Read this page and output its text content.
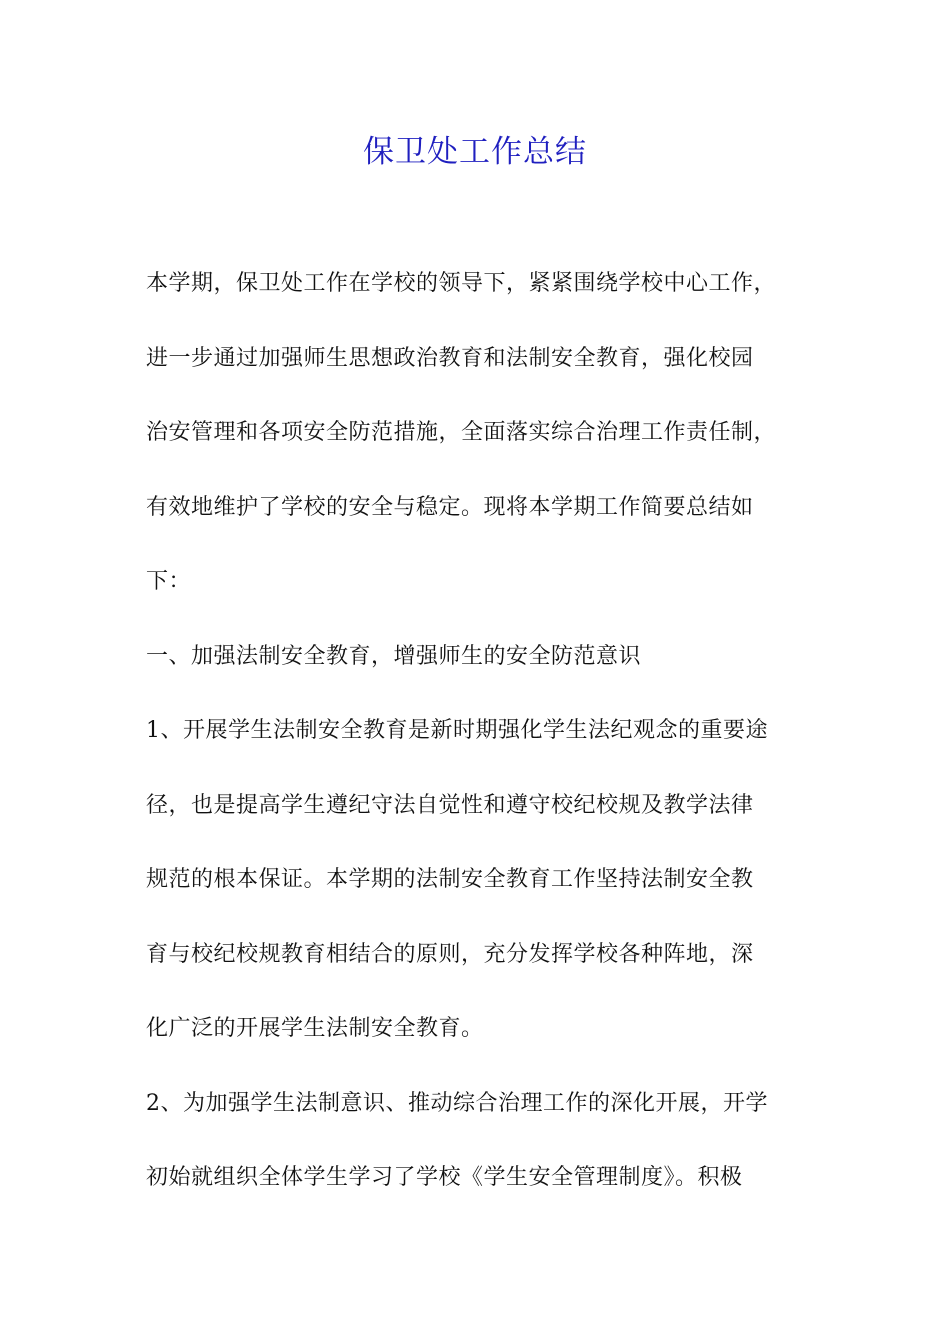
保卫处工作总结
本学期，保卫处工作在学校的领导下，紧紧围绕学校中心工作，
进一步通过加强师生思想政治教育和法制安全教育，强化校园
治安管理和各项安全防范措施，全面落实综合治理工作责任制，
有效地维护了学校的安全与稳定。现将本学期工作简要总结如
下：
一、加强法制安全教育，增强师生的安全防范意识
1、开展学生法制安全教育是新时期强化学生法纪观念的重要途
径，也是提高学生遵纪守法自觉性和遵守校纪校规及教学法律
规范的根本保证。本学期的法制安全教育工作坚持法制安全教
育与校纪校规教育相结合的原则，充分发挥学校各种阵地，深
化广泛的开展学生法制安全教育。
2、为加强学生法制意识、推动综合治理工作的深化开展，开学
初始就组织全体学生学习了学校《学生安全管理制度》。积极
